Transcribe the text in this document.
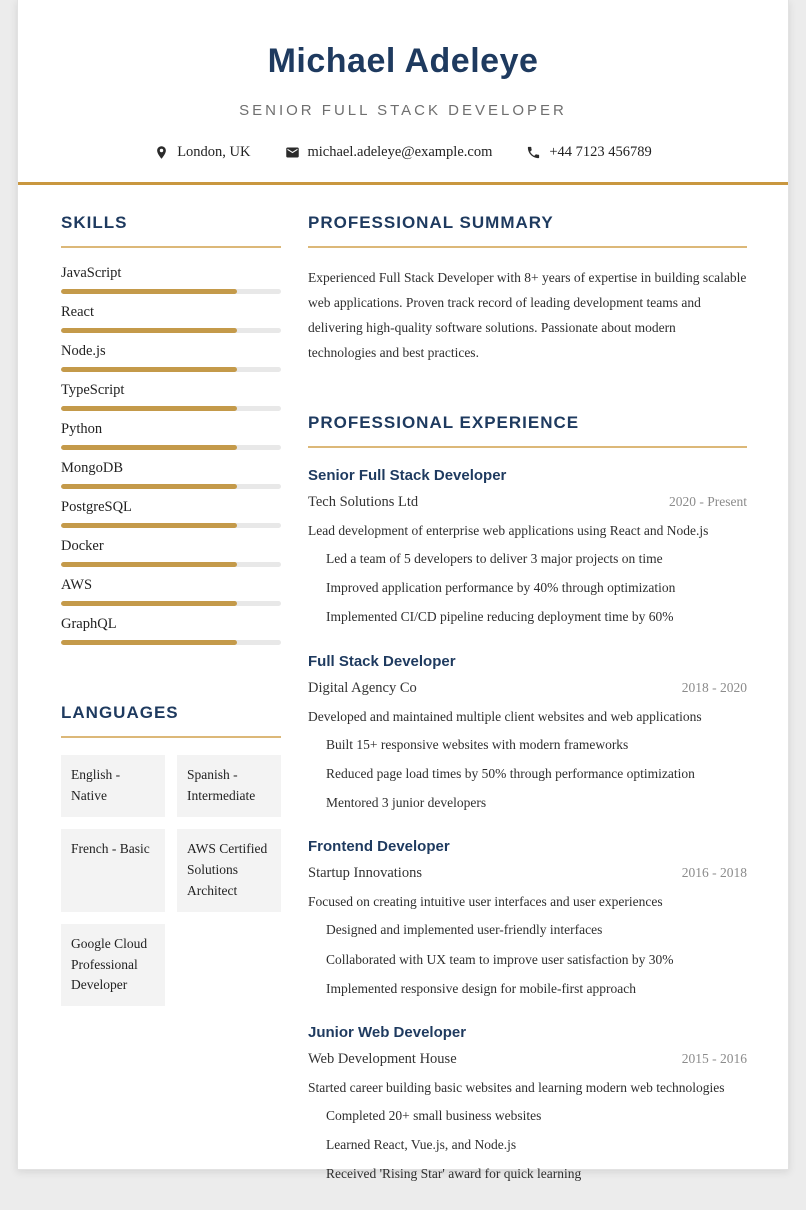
Michael Adeleye
SENIOR FULL STACK DEVELOPER
London, UK	michael.adeleye@example.com	+44 7123 456789
SKILLS
JavaScript
React
Node.js
TypeScript
Python
MongoDB
PostgreSQL
Docker
AWS
GraphQL
LANGUAGES
English - Native
Spanish - Intermediate
French - Basic	AWS Certified Solutions Architect
Google Cloud Professional Developer
PROFESSIONAL SUMMARY
Experienced Full Stack Developer with 8+ years of expertise in building scalable web applications. Proven track record of leading development teams and delivering high-quality software solutions. Passionate about modern technologies and best practices.
PROFESSIONAL EXPERIENCE
Senior Full Stack Developer
Tech Solutions Ltd	2020 - Present
Lead development of enterprise web applications using React and Node.js
Led a team of 5 developers to deliver 3 major projects on time
Improved application performance by 40% through optimization
Implemented CI/CD pipeline reducing deployment time by 60%
Full Stack Developer
Digital Agency Co	2018 - 2020
Developed and maintained multiple client websites and web applications
Built 15+ responsive websites with modern frameworks
Reduced page load times by 50% through performance optimization
Mentored 3 junior developers
Frontend Developer
Startup Innovations	2016 - 2018
Focused on creating intuitive user interfaces and user experiences
Designed and implemented user-friendly interfaces
Collaborated with UX team to improve user satisfaction by 30%
Implemented responsive design for mobile-first approach
Junior Web Developer
Web Development House	2015 - 2016
Started career building basic websites and learning modern web technologies
Completed 20+ small business websites
Learned React, Vue.js, and Node.js
Received 'Rising Star' award for quick learning
